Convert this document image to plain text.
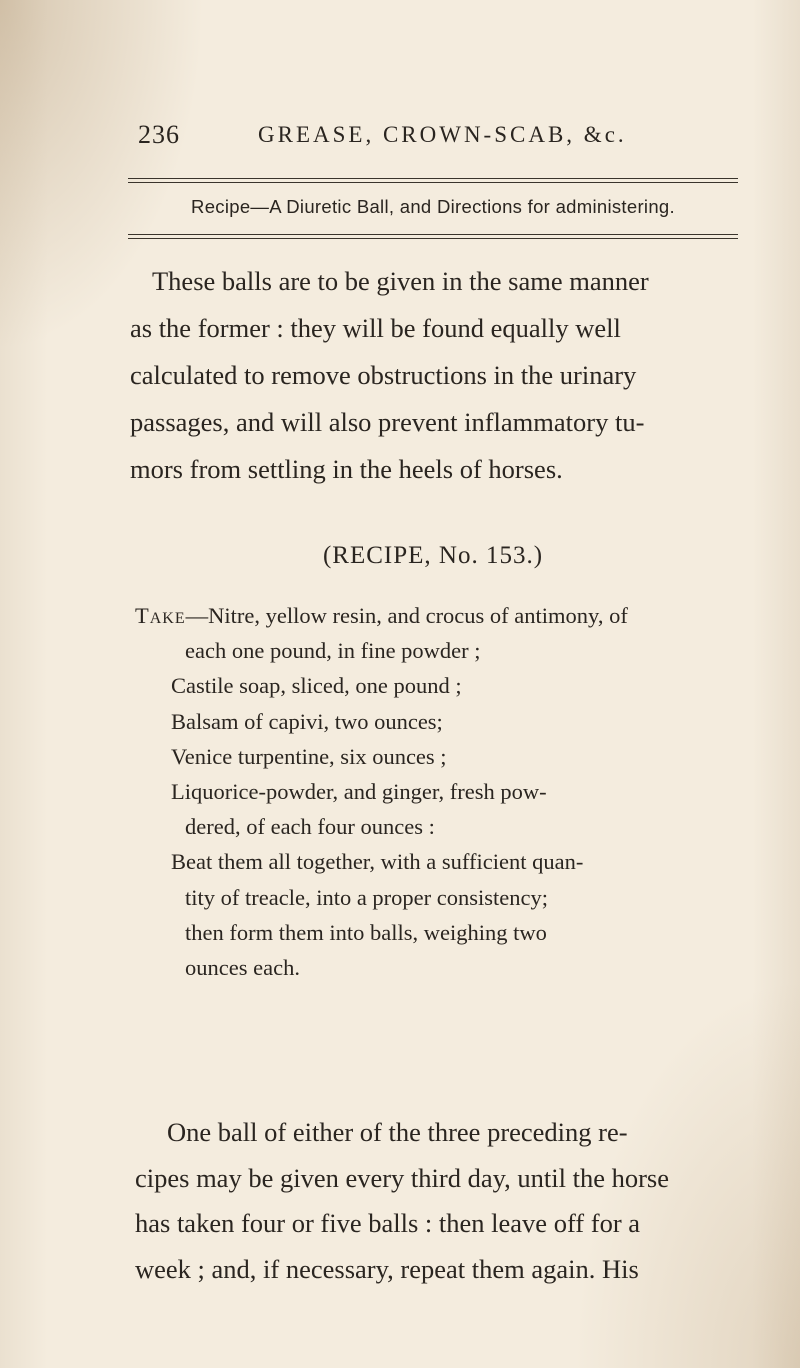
236	GREASE, CROWN-SCAB, &c.
Recipe—A Diuretic Ball, and Directions for administering.
These balls are to be given in the same manner
as the former : they will be found equally well
calculated to remove obstructions in the urinary
passages, and will also prevent inflammatory tu-
mors from settling in the heels of horses.
(RECIPE, No. 153.)
Take—Nitre, yellow resin, and crocus of antimony, of
each one pound, in fine powder ;
Castile soap, sliced, one pound ;
Balsam of capivi, two ounces;
Venice turpentine, six ounces ;
Liquorice-powder, and ginger, fresh pow-
dered, of each four ounces :
Beat them all together, with a sufficient quan-
tity of treacle, into a proper consistency;
then form them into balls, weighing two
ounces each.
One ball of either of the three preceding re-
cipes may be given every third day, until the horse
has taken four or five balls : then leave off for a
week ; and, if necessary, repeat them again. His
